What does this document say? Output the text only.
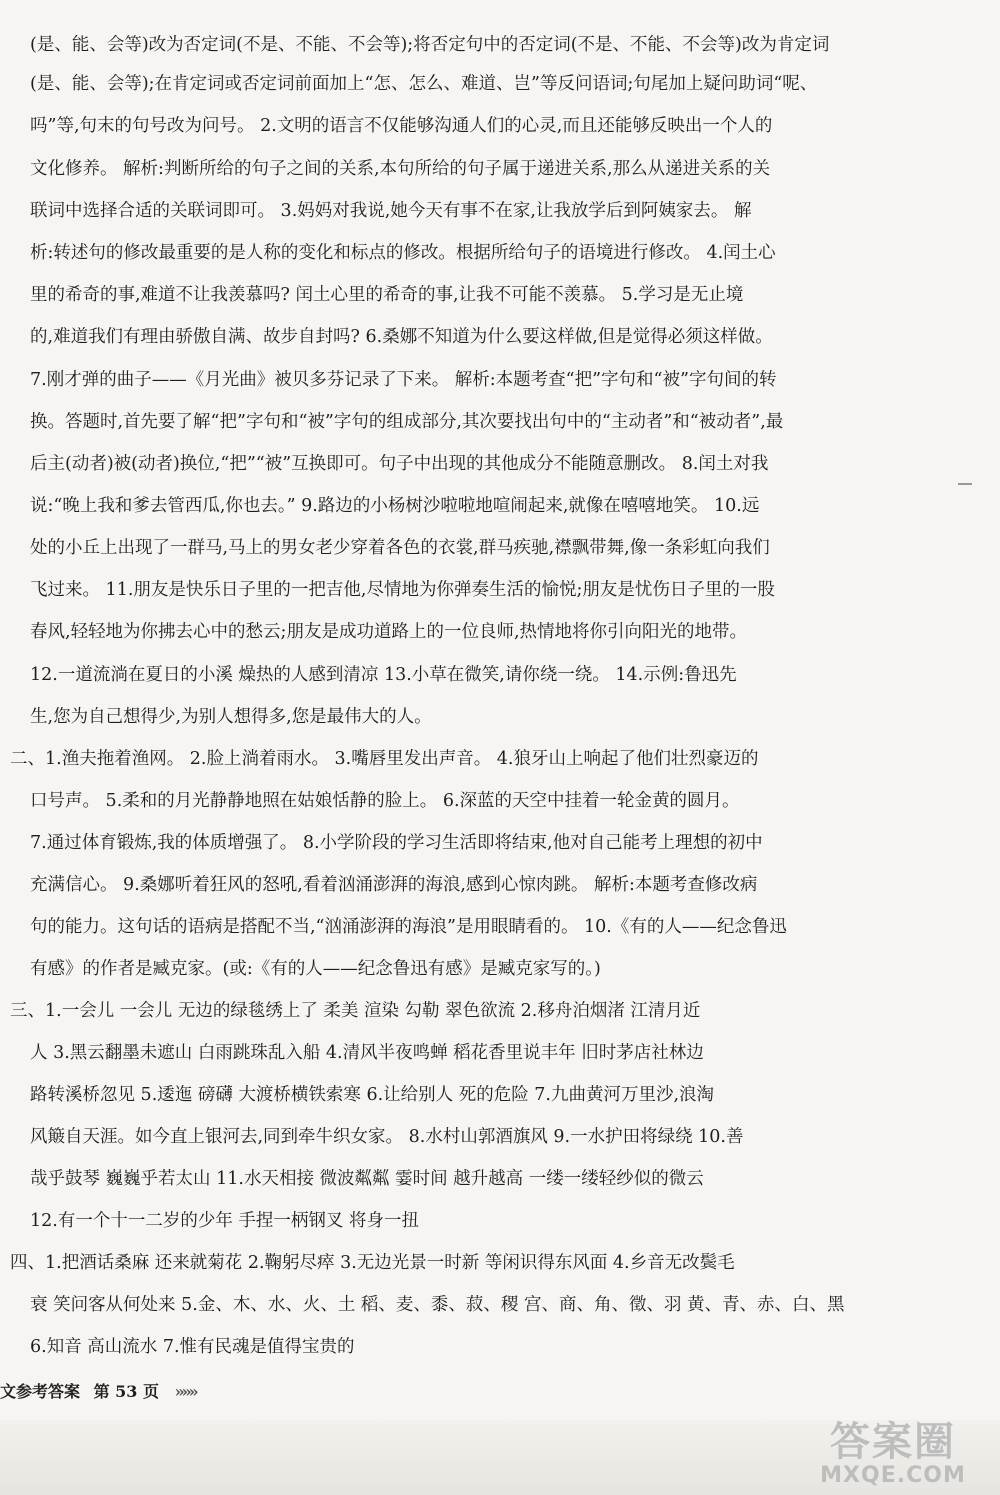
(是、能、会等)改为否定词(不是、不能、不会等);将否定句中的否定词(不是、不能、不会等)改为肯定词
(是、能、会等);在肯定词或否定词前面加上“怎、怎么、难道、岂”等反问语词;句尾加上疑问助词“呢、
吗”等,句末的句号改为问号。 2.文明的语言不仅能够沟通人们的心灵,而且还能够反映出一个人的
文化修养。 解析:判断所给的句子之间的关系,本句所给的句子属于递进关系,那么从递进关系的关
联词中选择合适的关联词即可。 3.妈妈对我说,她今天有事不在家,让我放学后到阿姨家去。 解
析:转述句的修改最重要的是人称的变化和标点的修改。根据所给句子的语境进行修改。 4.闰土心
里的希奇的事,难道不让我羡慕吗? 闰土心里的希奇的事,让我不可能不羡慕。 5.学习是无止境
的,难道我们有理由骄傲自满、故步自封吗? 6.桑娜不知道为什么要这样做,但是觉得必须这样做。
7.刚才弹的曲子——《月光曲》被贝多芬记录了下来。 解析:本题考查“把”字句和“被”字句间的转
换。答题时,首先要了解“把”字句和“被”字句的组成部分,其次要找出句中的“主动者”和“被动者”,最
后主(动者)被(动者)换位,“把”“被”互换即可。句子中出现的其他成分不能随意删改。 8.闰土对我
说:“晚上我和爹去管西瓜,你也去。” 9.路边的小杨树沙啦啦地喧闹起来,就像在嘻嘻地笑。 10.远
处的小丘上出现了一群马,马上的男女老少穿着各色的衣裳,群马疾驰,襟飘带舞,像一条彩虹向我们
飞过来。 11.朋友是快乐日子里的一把吉他,尽情地为你弹奏生活的愉悦;朋友是忧伤日子里的一股
春风,轻轻地为你拂去心中的愁云;朋友是成功道路上的一位良师,热情地将你引向阳光的地带。
12.一道流淌在夏日的小溪 燥热的人感到清凉 13.小草在微笑,请你绕一绕。 14.示例:鲁迅先
生,您为自己想得少,为别人想得多,您是最伟大的人。
二、1.渔夫拖着渔网。 2.脸上淌着雨水。 3.嘴唇里发出声音。 4.狼牙山上响起了他们壮烈豪迈的
口号声。 5.柔和的月光静静地照在姑娘恬静的脸上。 6.深蓝的天空中挂着一轮金黄的圆月。
7.通过体育锻炼,我的体质增强了。 8.小学阶段的学习生活即将结束,他对自己能考上理想的初中
充满信心。 9.桑娜听着狂风的怒吼,看着汹涌澎湃的海浪,感到心惊肉跳。 解析:本题考查修改病
句的能力。这句话的语病是搭配不当,“汹涌澎湃的海浪”是用眼睛看的。 10.《有的人——纪念鲁迅
有感》的作者是臧克家。(或:《有的人——纪念鲁迅有感》是臧克家写的。)
三、1.一会儿 一会儿 无边的绿毯绣上了 柔美 渲染 勾勒 翠色欲流 2.移舟泊烟渚 江清月近
人 3.黑云翻墨未遮山 白雨跳珠乱入船 4.清风半夜鸣蝉 稻花香里说丰年 旧时茅店社林边
路转溪桥忽见 5.逶迤 磅礴 大渡桥横铁索寒 6.让给别人 死的危险 7.九曲黄河万里沙,浪淘
风簸自天涯。如今直上银河去,同到牵牛织女家。 8.水村山郭酒旗风 9.一水护田将绿绕 10.善
哉乎鼓琴 巍巍乎若太山 11.水天相接 微波粼粼 霎时间 越升越高 一缕一缕轻纱似的微云
12.有一个十一二岁的少年 手捏一柄钢叉 将身一扭
四、1.把酒话桑麻 还来就菊花 2.鞠躬尽瘁 3.无边光景一时新 等闲识得东风面 4.乡音无改鬓毛
衰 笑问客从何处来 5.金、木、水、火、土 稻、麦、黍、菽、稷 宫、商、角、徵、羽 黄、青、赤、白、黑
6.知音 高山流水 7.惟有民魂是值得宝贵的
文参考答案 第 53 页 »»»
答案圈
MXQE.COM
